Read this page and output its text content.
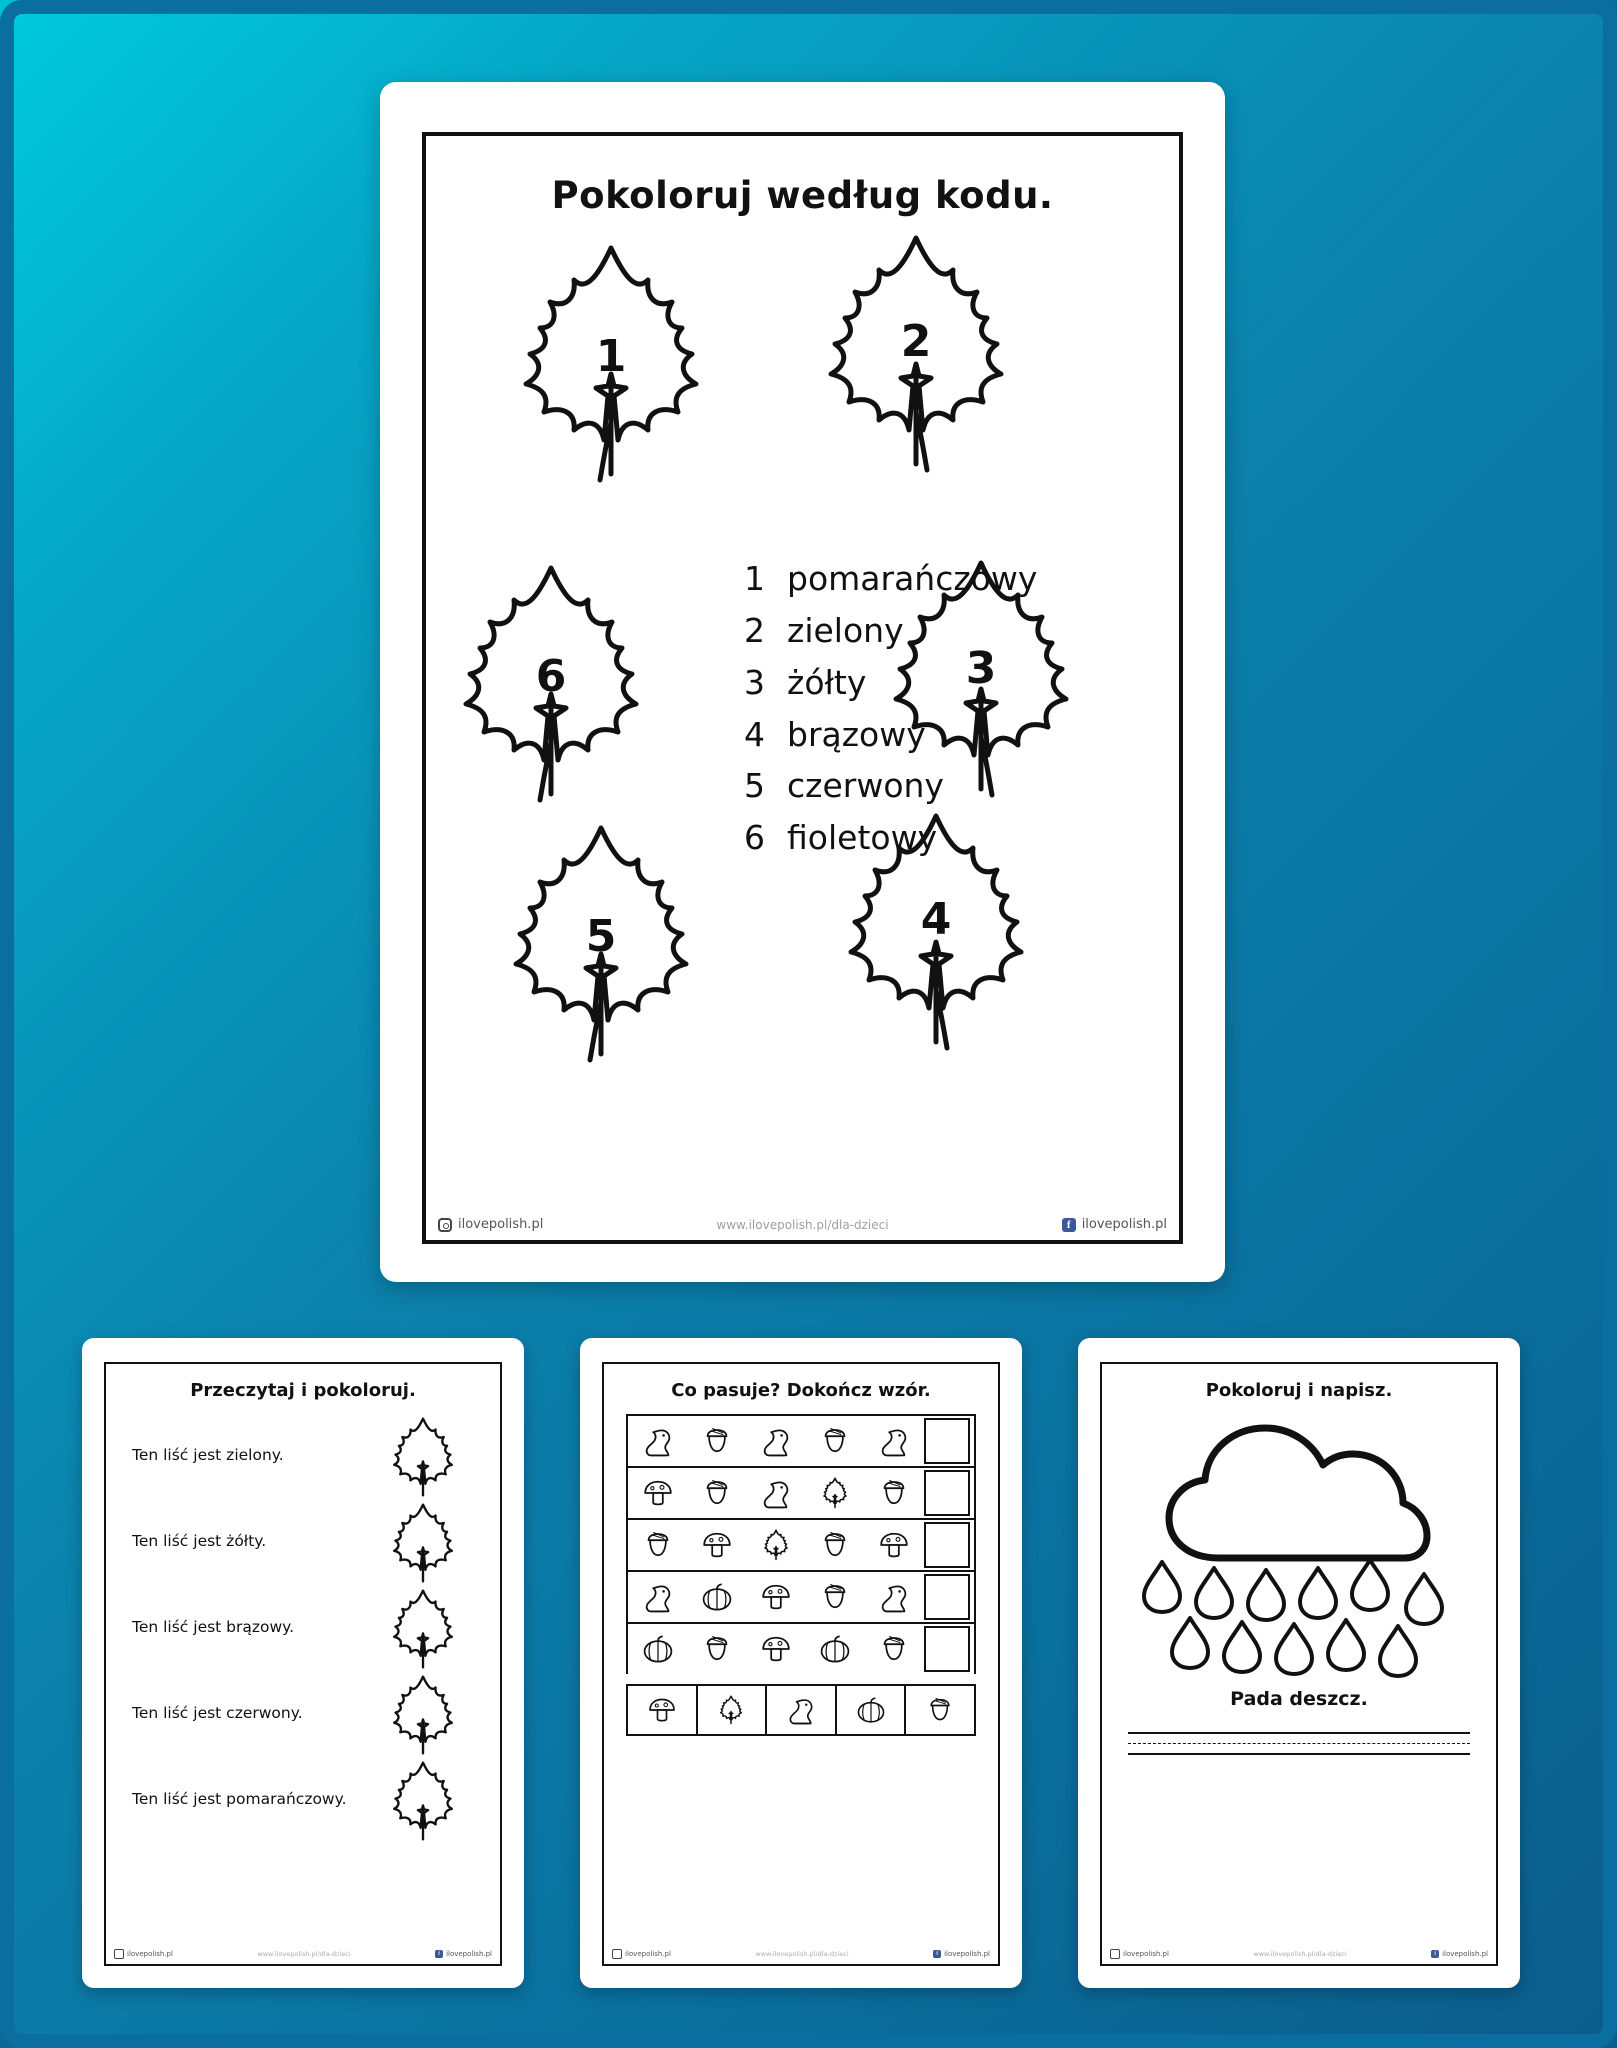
Pokoloruj według kodu.
1	2
6	3
5	4
1 pomarańczowy
2 zielony
3 żółty
4 brązowy
5 czerwony
6 fioletowy
ilovepolish.pl	www.ilovepolish.pl/dla-dzieci	f ilovepolish.pl
Przeczytaj i pokoloruj.
Ten liść jest zielony.
Ten liść jest żółty.
Ten liść jest brązowy.
Ten liść jest czerwony.
Ten liść jest pomarańczowy.
ilovepolish.pl	www.ilovepolish.pl/dla-dzieci	f ilovepolish.pl
Co pasuje? Dokończ wzór.
ilovepolish.pl	www.ilovepolish.pl/dla-dzieci	f ilovepolish.pl
Pokoloruj i napisz.
Pada deszcz.
ilovepolish.pl	www.ilovepolish.pl/dla-dzieci	f ilovepolish.pl
